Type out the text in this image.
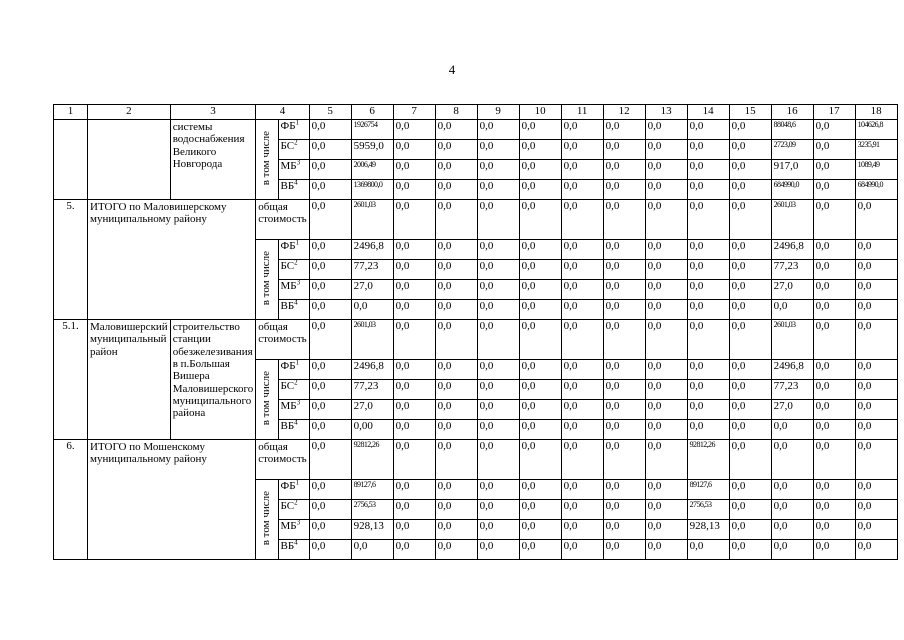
4
1	2	3	4		5	6	7	8	9	10	11	12	13	14	15	16	17	18
		системы водоснабжения Великого Новгорода	в том числе	$ФБ^1$	0,0	1926754	0,0	0,0	0,0	0,0	0,0	0,0	0,0	0,0	0,0	88048,6	0,0	104626,8
				$БС^2$	0,0	5959,0	0,0	0,0	0,0	0,0	0,0	0,0	0,0	0,0	0,0	2723,09	0,0	3235,91
				$МБ^3$	0,0	2006,49	0,0	0,0	0,0	0,0	0,0	0,0	0,0	0,0	0,0	917,0	0,0	1089,49
				$ВБ^4$	0,0	1369800,0	0,0	0,0	0,0	0,0	0,0	0,0	0,0	0,0	0,0	684990,0	0,0	684990,0
5.	ИТОГО по Маловишерскому муниципальному району		общая стоимость		0,0	2601,03	0,0	0,0	0,0	0,0	0,0	0,0	0,0	0,0	0,0	2601,03	0,0	0,0
			в том числе	$ФБ^1$	0,0	2496,8	0,0	0,0	0,0	0,0	0,0	0,0	0,0	0,0	0,0	2496,8	0,0	0,0
				$БС^2$	0,0	77,23	0,0	0,0	0,0	0,0	0,0	0,0	0,0	0,0	0,0	77,23	0,0	0,0
				$МБ^3$	0,0	27,0	0,0	0,0	0,0	0,0	0,0	0,0	0,0	0,0	0,0	27,0	0,0	0,0
				$ВБ^4$	0,0	0,0	0,0	0,0	0,0	0,0	0,0	0,0	0,0	0,0	0,0	0,0	0,0	0,0
5.1.	Маловишерский муниципальный район	строительство станции обезжелезивания в п.Большая Вишера Маловишерского муниципального района	общая стоимость		0,0	2601,03	0,0	0,0	0,0	0,0	0,0	0,0	0,0	0,0	0,0	2601,03	0,0	0,0
			в том числе	$ФБ^1$	0,0	2496,8	0,0	0,0	0,0	0,0	0,0	0,0	0,0	0,0	0,0	2496,8	0,0	0,0
				$БС^2$	0,0	77,23	0,0	0,0	0,0	0,0	0,0	0,0	0,0	0,0	0,0	77,23	0,0	0,0
				$МБ^3$	0,0	27,0	0,0	0,0	0,0	0,0	0,0	0,0	0,0	0,0	0,0	27,0	0,0	0,0
				$ВБ^4$	0,0	0,00	0,0	0,0	0,0	0,0	0,0	0,0	0,0	0,0	0,0	0,0	0,0	0,0
6.	ИТОГО по Мошенскому муниципальному району		общая стоимость		0,0	92812,26	0,0	0,0	0,0	0,0	0,0	0,0	0,0	92812,26	0,0	0,0	0,0	0,0
			в том числе	$ФБ^1$	0,0	89127,6	0,0	0,0	0,0	0,0	0,0	0,0	0,0	89127,6	0,0	0,0	0,0	0,0
				$БС^2$	0,0	2756,53	0,0	0,0	0,0	0,0	0,0	0,0	0,0	2756,53	0,0	0,0	0,0	0,0
				$МБ^3$	0,0	928,13	0,0	0,0	0,0	0,0	0,0	0,0	0,0	928,13	0,0	0,0	0,0	0,0
				$ВБ^4$	0,0	0,0	0,0	0,0	0,0	0,0	0,0	0,0	0,0	0,0	0,0	0,0	0,0	0,0
